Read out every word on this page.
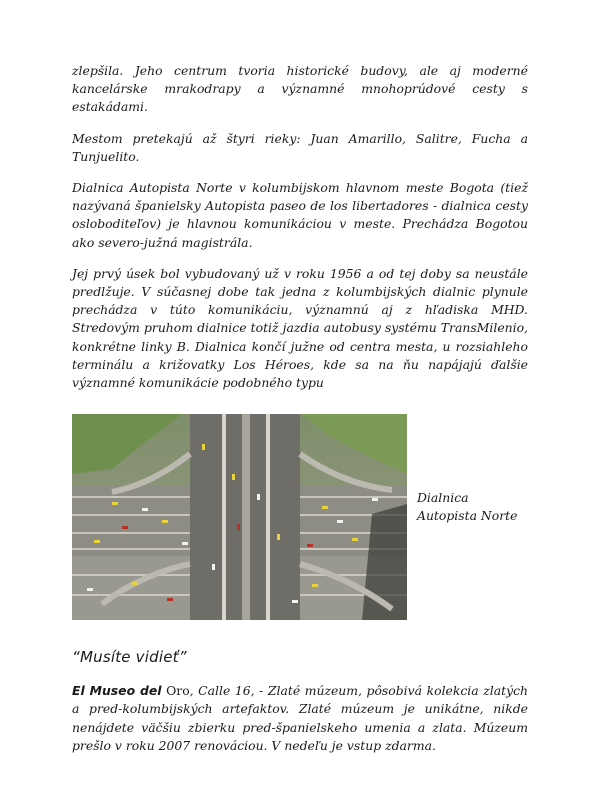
zlepšila. Jeho centrum tvoria historické budovy, ale aj moderné kancelárske mrakodrapy a významné mnohoprúdové cesty s estakádami.

Mestom pretekajú až štyri rieky: Juan Amarillo, Salitre, Fucha a Tunjuelito.

Dialnica Autopista Norte v kolumbijskom hlavnom meste Bogota (tiež nazývaná španielsky Autopista paseo de los libertadores - dialnica cesty osloboditeľov) je hlavnou komunikáciou v meste. Prechádza Bogotou ako severo-južná magistrála.

Jej prvý úsek bol vybudovaný už v roku 1956 a od tej doby sa neustále predlžuje. V súčasnej dobe tak jedna z kolumbijských dialnic plynule prechádza v túto komunikáciu, významnú aj z hľadiska MHD. Stredovým pruhom dialnice totiž jazdia autobusy systému TransMilenio, konkrétne linky B. Dialnica končí južne od centra mesta, u rozsiahleho terminálu a križovatky Los Héroes, kde sa na ňu napájajú ďalšie významné komunikácie podobného typu

Dialnica
Autopista Norte
“Musíte vidieť”

El Museo del Oro, Calle 16, - Zlaté múzeum, pôsobivá kolekcia zlatých a pred-kolumbijských artefaktov. Zlaté múzeum je unikátne, nikde nenájdete väčšiu zbierku pred-španielskeho umenia a zlata. Múzeum prešlo v roku 2007 renováciou. V nedeľu je vstup zdarma.
